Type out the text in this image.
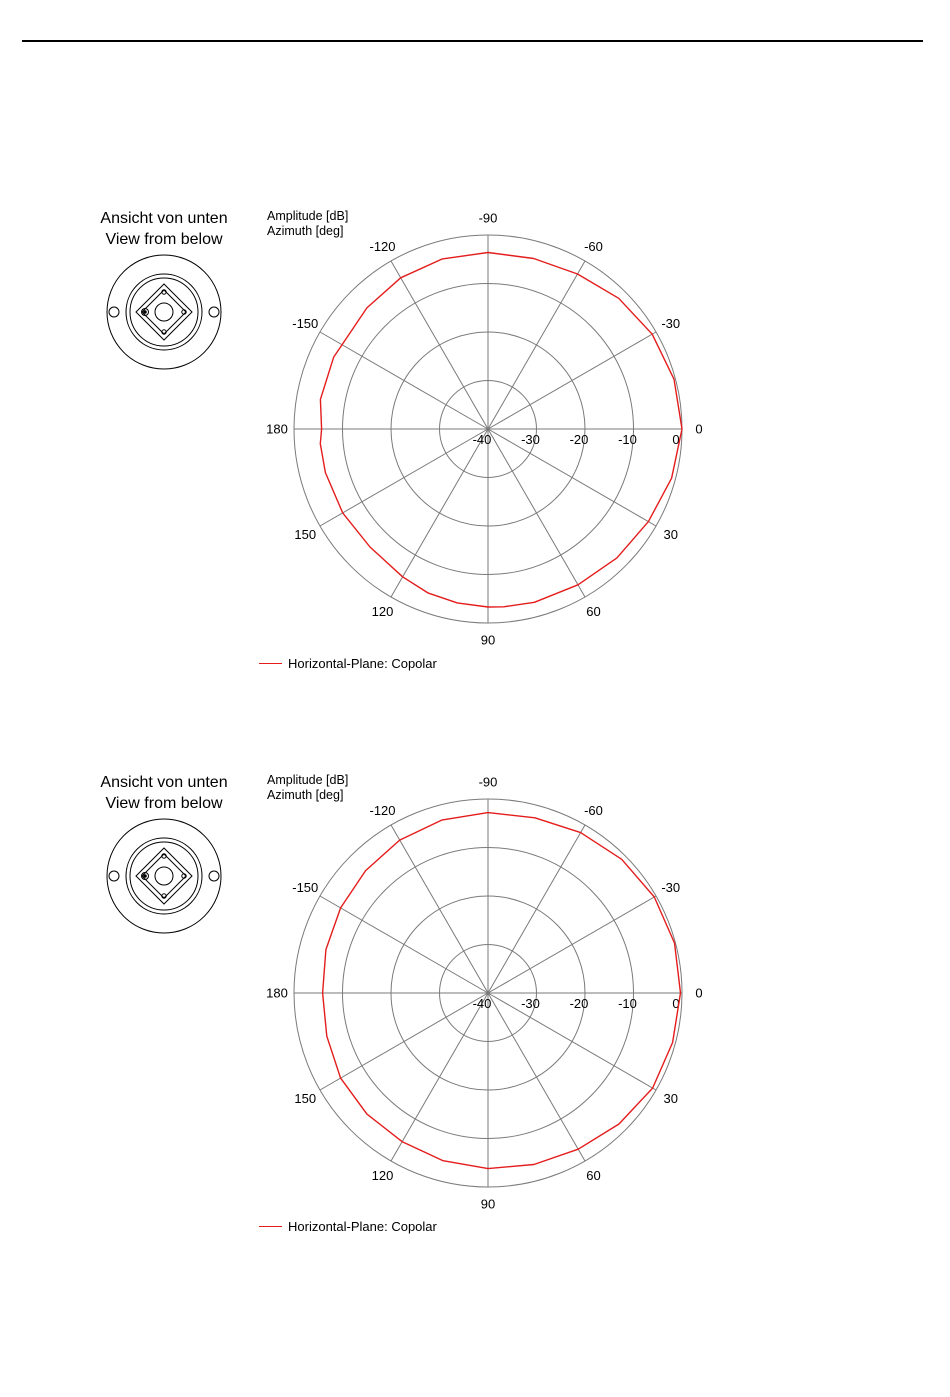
Ansicht von unten
View from below
Amplitude [dB]
Azimuth [deg]
0
30
60
90
120
150
180
-150
-120
-90
-60
-30
-40 -30 -20 -10	0
Horizontal-Plane: Copolar
Ansicht von unten
View from below
Amplitude [dB]
Azimuth [deg]
0
30
60
90
120
150
180
-150
-120
-90
-60
-30
-40 -30 -20 -10	0
Horizontal-Plane: Copolar
